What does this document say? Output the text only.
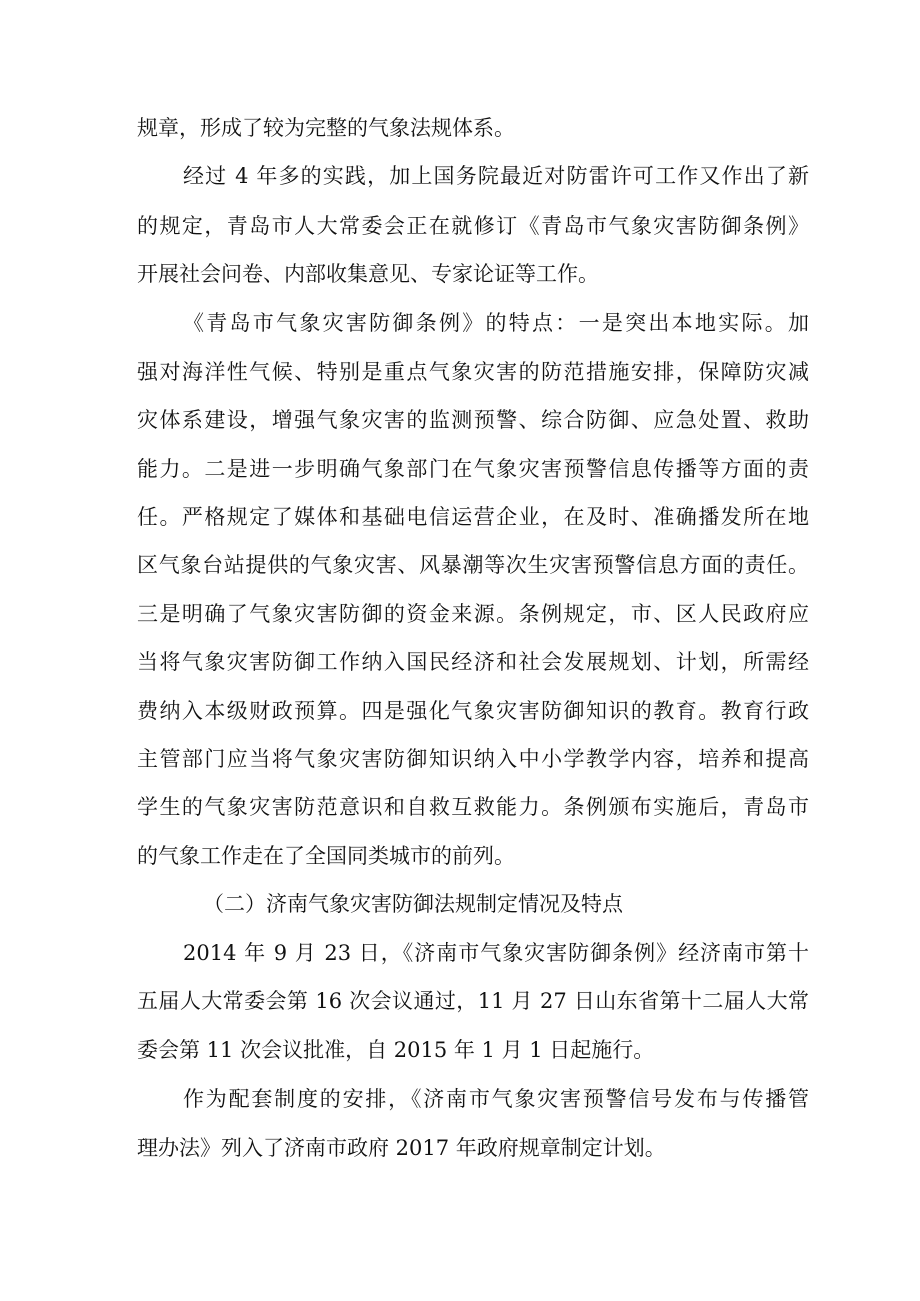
规章，形成了较为完整的气象法规体系。
经过 4 年多的实践，加上国务院最近对防雷许可工作又作出了新
的规定，青岛市人大常委会正在就修订《青岛市气象灾害防御条例》
开展社会问卷、内部收集意见、专家论证等工作。
《青岛市气象灾害防御条例》的特点：一是突出本地实际。加
强对海洋性气候、特别是重点气象灾害的防范措施安排，保障防灾减
灾体系建设，增强气象灾害的监测预警、综合防御、应急处置、救助
能力。二是进一步明确气象部门在气象灾害预警信息传播等方面的责
任。严格规定了媒体和基础电信运营企业，在及时、准确播发所在地
区气象台站提供的气象灾害、风暴潮等次生灾害预警信息方面的责任。
三是明确了气象灾害防御的资金来源。条例规定，市、区人民政府应
当将气象灾害防御工作纳入国民经济和社会发展规划、计划，所需经
费纳入本级财政预算。四是强化气象灾害防御知识的教育。教育行政
主管部门应当将气象灾害防御知识纳入中小学教学内容，培养和提高
学生的气象灾害防范意识和自救互救能力。条例颁布实施后，青岛市
的气象工作走在了全国同类城市的前列。
（二）济南气象灾害防御法规制定情况及特点
2014 年 9 月 23 日，《济南市气象灾害防御条例》经济南市第十
五届人大常委会第 16 次会议通过，11 月 27 日山东省第十二届人大常
委会第 11 次会议批准，自 2015 年 1 月 1 日起施行。
作为配套制度的安排，《济南市气象灾害预警信号发布与传播管
理办法》列入了济南市政府 2017 年政府规章制定计划。
